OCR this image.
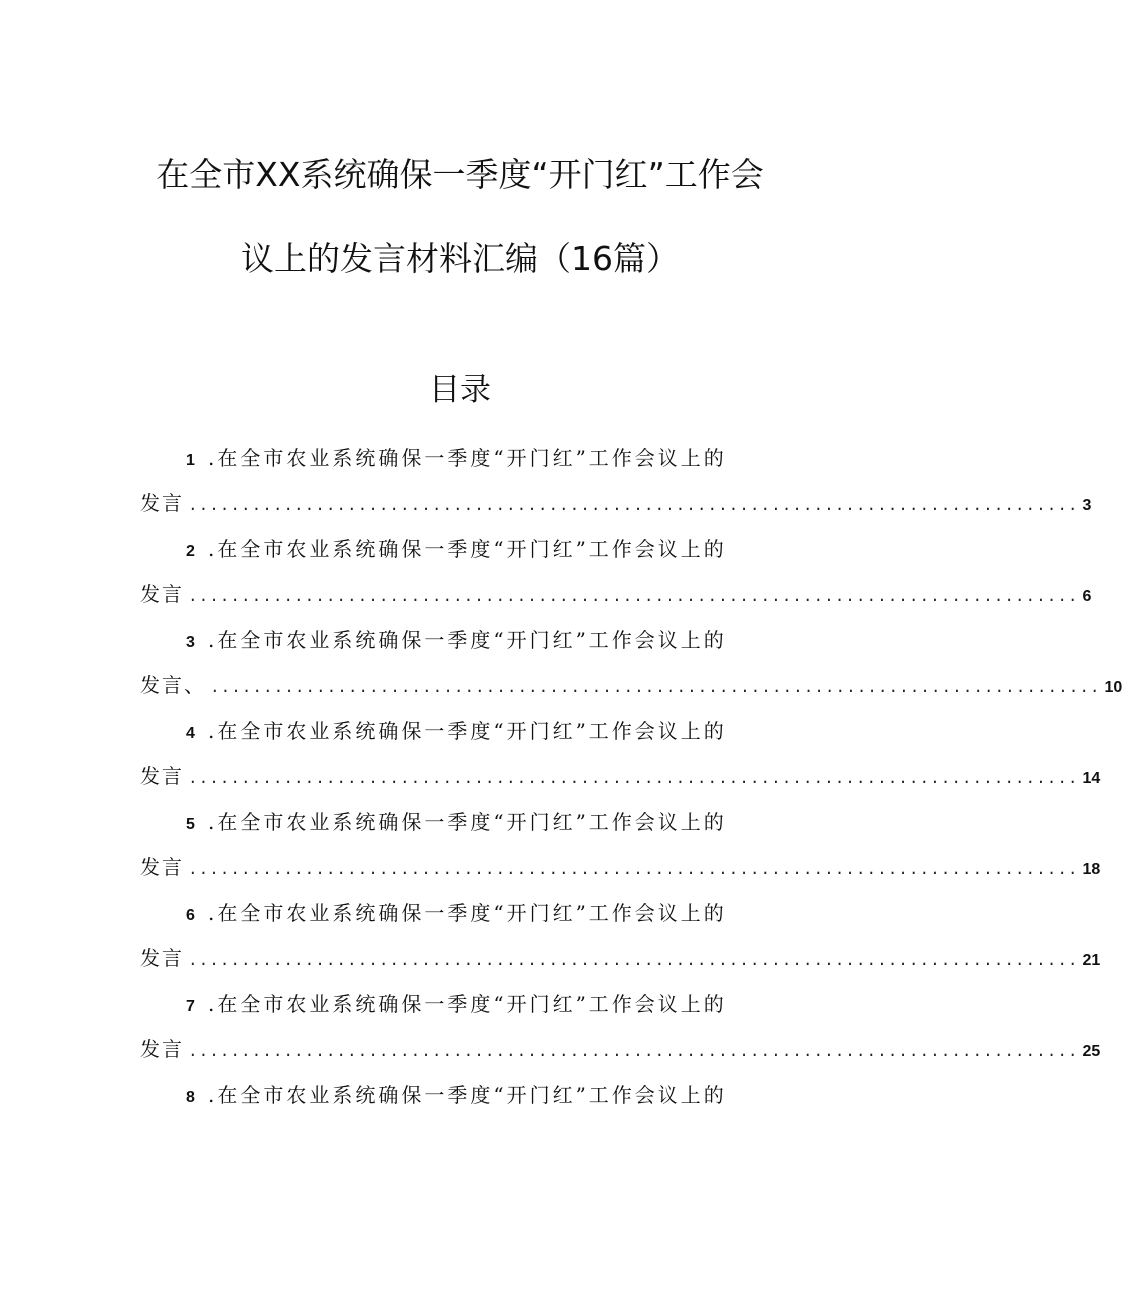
在全市XX系统确保一季度“开门红”工作会
议上的发言材料汇编（16篇）
目录
1 .在全市农业系统确保一季度“开门红”工作会议上的
发言 .................................................................................... 3
2 .在全市农业系统确保一季度“开门红”工作会议上的
发言 .................................................................................... 6
3 .在全市农业系统确保一季度“开门红”工作会议上的
发言、 .................................................................................... 10
4 .在全市农业系统确保一季度“开门红”工作会议上的
发言 .................................................................................... 14
5 .在全市农业系统确保一季度“开门红”工作会议上的
发言 .................................................................................... 18
6 .在全市农业系统确保一季度“开门红”工作会议上的
发言 .................................................................................... 21
7 .在全市农业系统确保一季度“开门红”工作会议上的
发言 .................................................................................... 25
8 .在全市农业系统确保一季度“开门红”工作会议上的
